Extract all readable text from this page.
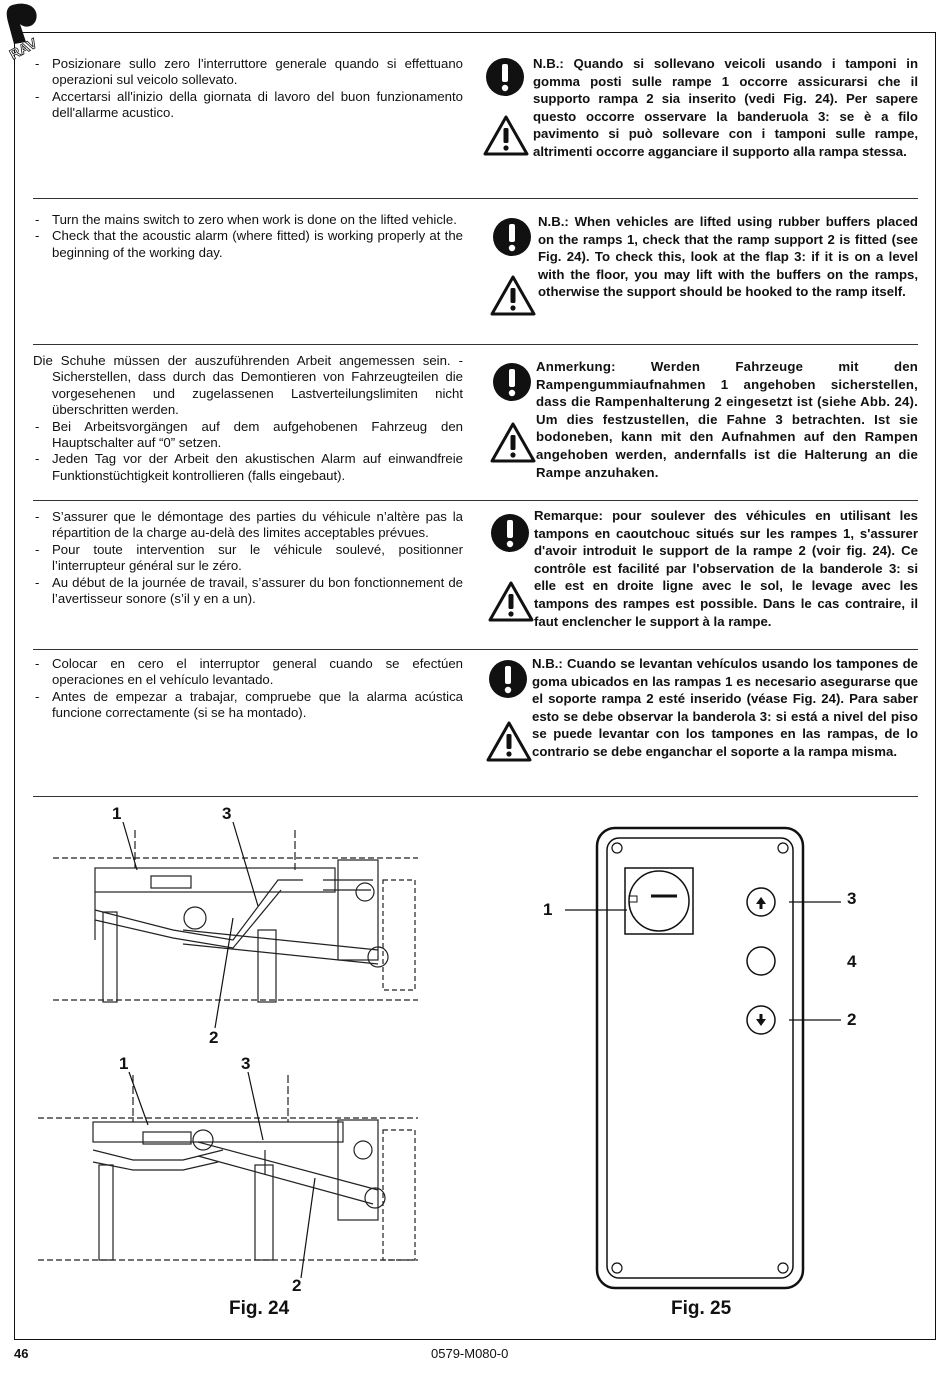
RAV
- Posizionare sullo zero l'interruttore generale quando si effettuano operazioni sul veicolo sollevato.
- Accertarsi all'inizio della giornata di lavoro del buon funzionamento dell'allarme acustico.

N.B.: Quando si sollevano veicoli usando i tamponi in gomma posti sulle rampe 1 occorre assicurarsi che il supporto rampa 2 sia inserito (vedi Fig. 24). Per sapere questo occorre osservare la banderuola 3: se è a filo pavimento si può sollevare con i tamponi sulle rampe, altrimenti occorre agganciare il supporto alla rampa stessa.
- Turn the mains switch to zero when work is done on the lifted vehicle.
- Check that the acoustic alarm (where fitted) is working properly at the beginning of the working day.

N.B.: When vehicles are lifted using rubber buffers placed on the ramps 1, check that the ramp support 2 is fitted (see Fig. 24). To check this, look at the flap 3: if it is on a level with the floor, you may lift with the buffers on the ramps, otherwise the support should be hooked to the ramp itself.
Die Schuhe müssen der auszuführenden Arbeit angemessen sein. - Sicherstellen, dass durch das Demontieren von Fahrzeugteilen die vorgesehenen und zugelassenen Lastverteilungslimiten nicht überschritten werden.
- Bei Arbeitsvorgängen auf dem aufgehobenen Fahrzeug den Hauptschalter auf “0” setzen.
- Jeden Tag vor der Arbeit den akustischen Alarm auf einwandfreie Funktionstüchtigkeit kontrollieren (falls eingebaut).

Anmerkung: Werden Fahrzeuge mit den Rampengummiaufnahmen 1 angehoben sicherstellen, dass die Rampenhalterung 2 eingesetzt ist (siehe Abb. 24). Um dies festzustellen, die Fahne 3 betrachten. Ist sie bodoneben, kann mit den Aufnahmen auf den Rampen angehoben werden, andernfalls ist die Halterung an die Rampe anzuhaken.
- S’assurer que le démontage des parties du véhicule n’altère pas la répartition de la charge au-delà des limites acceptables prévues.
- Pour toute intervention sur le véhicule soulevé, positionner l’interrupteur général sur le zéro.
- Au début de la journée de travail, s’assurer du bon fonctionnement de l’avertisseur sonore (s’il y en a un).

Remarque: pour soulever des véhicules en utilisant les tampons en caoutchouc situés sur les rampes 1, s'assurer d'avoir introduit le support de la rampe 2 (voir fig. 24). Ce contrôle est facilité par l'observation de la banderole 3: si elle est en droite ligne avec le sol, le levage avec les tampons des rampes est possible. Dans le cas contraire, il faut enclencher le support à la rampe.
- Colocar en cero el interruptor general cuando se efectúen operaciones en el vehículo levantado.
- Antes de empezar a trabajar, compruebe que la alarma acústica funcione correctamente (si se ha montado).

N.B.: Cuando se levantan vehículos usando los tampones de goma ubicados en las rampas 1 es necesario asegurarse que el soporte rampa 2 esté inserido (véase Fig. 24). Para saber esto se debe observar la banderola 3: si está a nivel del piso se puede levantar con los tampones en las rampas, de lo contrario se debe enganchar el soporte a la rampa misma.
1	3
2
1	3
2
Fig. 24
1
3
4
2
Fig. 25
46	0579-M080-0
